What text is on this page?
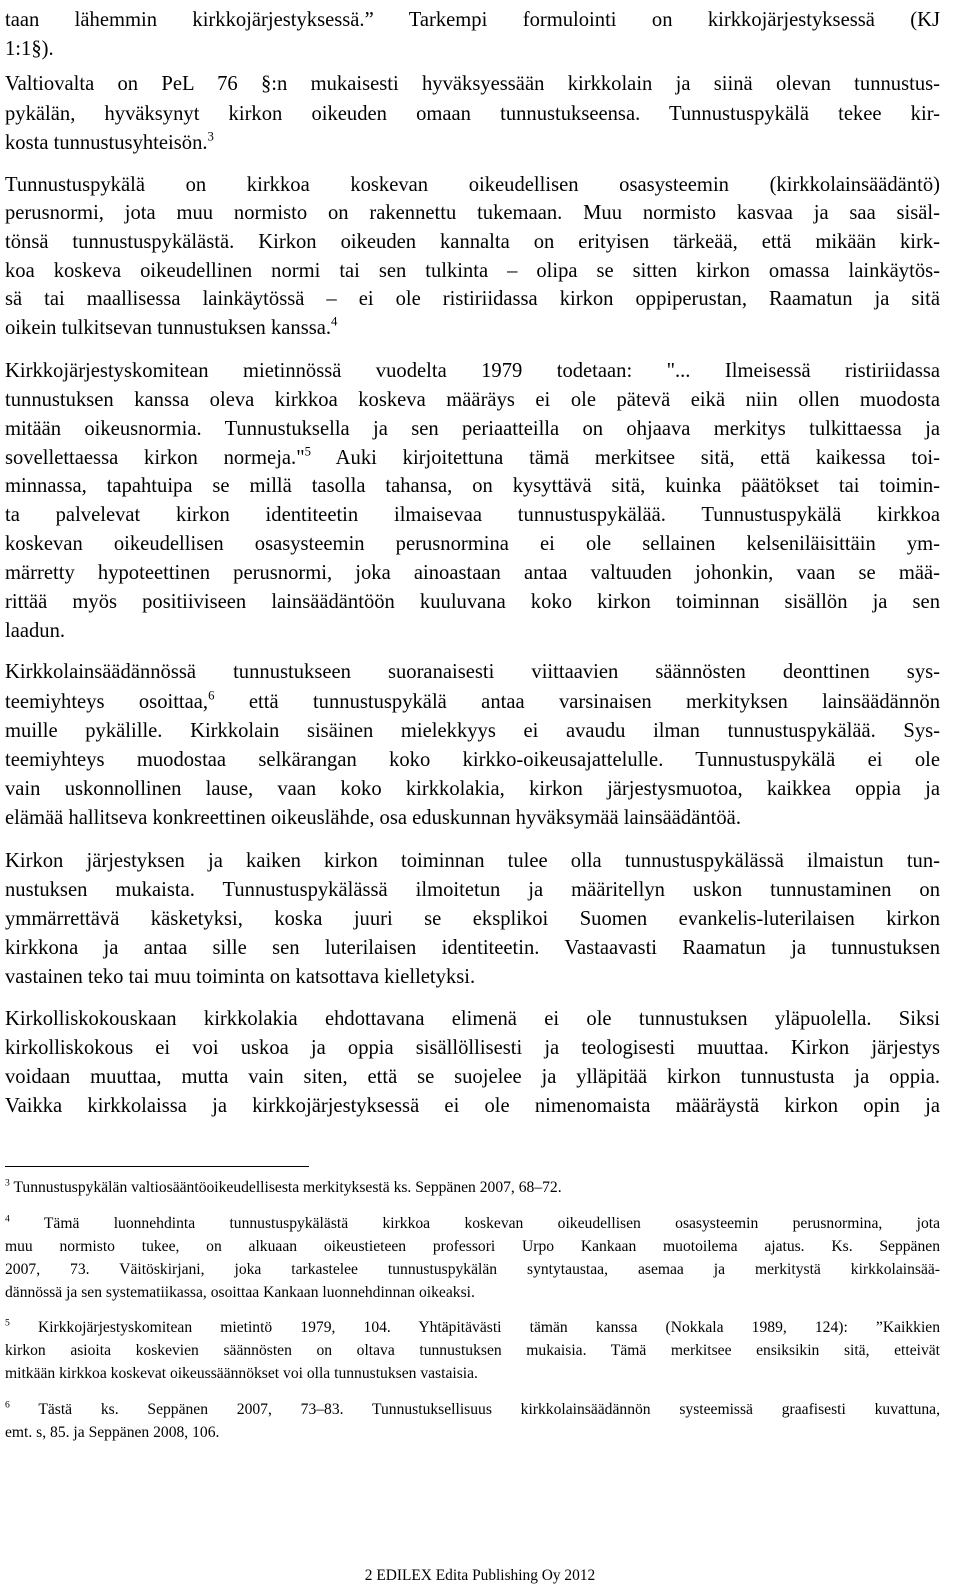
taan lähemmin kirkkojärjestyksessä.” Tarkempi formulointi on kirkkojärjestyksessä (KJ

1:1§).

Valtiovalta on PeL 76 §:n mukaisesti hyväksyessään kirkkolain ja siinä olevan tunnustus-

pykälän, hyväksynyt kirkon oikeuden omaan tunnustukseensa. Tunnustuspykälä tekee kir-

kosta tunnustusyhteisön.$^3$

Tunnustuspykälä on kirkkoa koskevan oikeudellisen osasysteemin (kirkkolainsäädäntö)

perusnormi, jota muu normisto on rakennettu tukemaan. Muu normisto kasvaa ja saa sisäl-

tönsä tunnustuspykälästä. Kirkon oikeuden kannalta on erityisen tärkeää, että mikään kirk-

koa koskeva oikeudellinen normi tai sen tulkinta – olipa se sitten kirkon omassa lainkäytös-

sä tai maallisessa lainkäytössä – ei ole ristiriidassa kirkon oppiperustan, Raamatun ja sitä

oikein tulkitsevan tunnustuksen kanssa.$^4$

Kirkkojärjestyskomitean mietinnössä vuodelta 1979 todetaan: "... Ilmeisessä ristiriidassa

tunnustuksen kanssa oleva kirkkoa koskeva määräys ei ole pätevä eikä niin ollen muodosta

mitään oikeusnormia. Tunnustuksella ja sen periaatteilla on ohjaava merkitys tulkittaessa ja

sovellettaessa kirkon normeja."$^5$ Auki kirjoitettuna tämä merkitsee sitä, että kaikessa toi-

minnassa, tapahtuipa se millä tasolla tahansa, on kysyttävä sitä, kuinka päätökset tai toimin-

ta palvelevat kirkon identiteetin ilmaisevaa tunnustuspykälää. Tunnustuspykälä kirkkoa

koskevan oikeudellisen osasysteemin perusnormina ei ole sellainen kelseniläisittäin ym-

märretty hypoteettinen perusnormi, joka ainoastaan antaa valtuuden johonkin, vaan se mää-

rittää myös positiiviseen lainsäädäntöön kuuluvana koko kirkon toiminnan sisällön ja sen

laadun.

Kirkkolainsäädännössä tunnustukseen suoranaisesti viittaavien säännösten deonttinen sys-

teemiyhteys osoittaa,$^6$ että tunnustuspykälä antaa varsinaisen merkityksen lainsäädännön

muille pykälille. Kirkkolain sisäinen mielekkyys ei avaudu ilman tunnustuspykälää. Sys-

teemiyhteys muodostaa selkärangan koko kirkko-oikeusajattelulle. Tunnustuspykälä ei ole

vain uskonnollinen lause, vaan koko kirkkolakia, kirkon järjestysmuotoa, kaikkea oppia ja

elämää hallitseva konkreettinen oikeuslähde, osa eduskunnan hyväksymää lainsäädäntöä.

Kirkon järjestyksen ja kaiken kirkon toiminnan tulee olla tunnustuspykälässä ilmaistun tun-

nustuksen mukaista. Tunnustuspykälässä ilmoitetun ja määritellyn uskon tunnustaminen on

ymmärrettävä käsketyksi, koska juuri se eksplikoi Suomen evankelis-luterilaisen kirkon

kirkkona ja antaa sille sen luterilaisen identiteetin. Vastaavasti Raamatun ja tunnustuksen

vastainen teko tai muu toiminta on katsottava kielletyksi.

Kirkolliskokouskaan kirkkolakia ehdottavana elimenä ei ole tunnustuksen yläpuolella. Siksi

kirkolliskokous ei voi uskoa ja oppia sisällöllisesti ja teologisesti muuttaa. Kirkon järjestys

voidaan muuttaa, mutta vain siten, että se suojelee ja ylläpitää kirkon tunnustusta ja oppia.

Vaikka kirkkolaissa ja kirkkojärjestyksessä ei ole nimenomaista määräystä kirkon opin ja

$^3$ Tunnustuspykälän valtiosääntöoikeudellisesta merkityksestä ks. Seppänen 2007, 68–72.

$^4$ Tämä luonnehdinta tunnustuspykälästä kirkkoa koskevan oikeudellisen osasysteemin perusnormina, jota

muu normisto tukee, on alkuaan oikeustieteen professori Urpo Kankaan muotoilema ajatus. Ks. Seppänen

2007, 73. Väitöskirjani, joka tarkastelee tunnustuspykälän syntytaustaa, asemaa ja merkitystä kirkkolainsää-

dännössä ja sen systematiikassa, osoittaa Kankaan luonnehdinnan oikeaksi.

$^5$ Kirkkojärjestyskomitean mietintö 1979, 104. Yhtäpitävästi tämän kanssa (Nokkala 1989, 124): ”Kaikkien

kirkon asioita koskevien säännösten on oltava tunnustuksen mukaisia. Tämä merkitsee ensiksikin sitä, etteivät

mitkään kirkkoa koskevat oikeussäännökset voi olla tunnustuksen vastaisia.

$^6$ Tästä ks. Seppänen 2007, 73–83. Tunnustuksellisuus kirkkolainsäädännön systeemissä graafisesti kuvattuna,

emt. s, 85. ja Seppänen 2008, 106.

2 EDILEX Edita Publishing Oy 2012
